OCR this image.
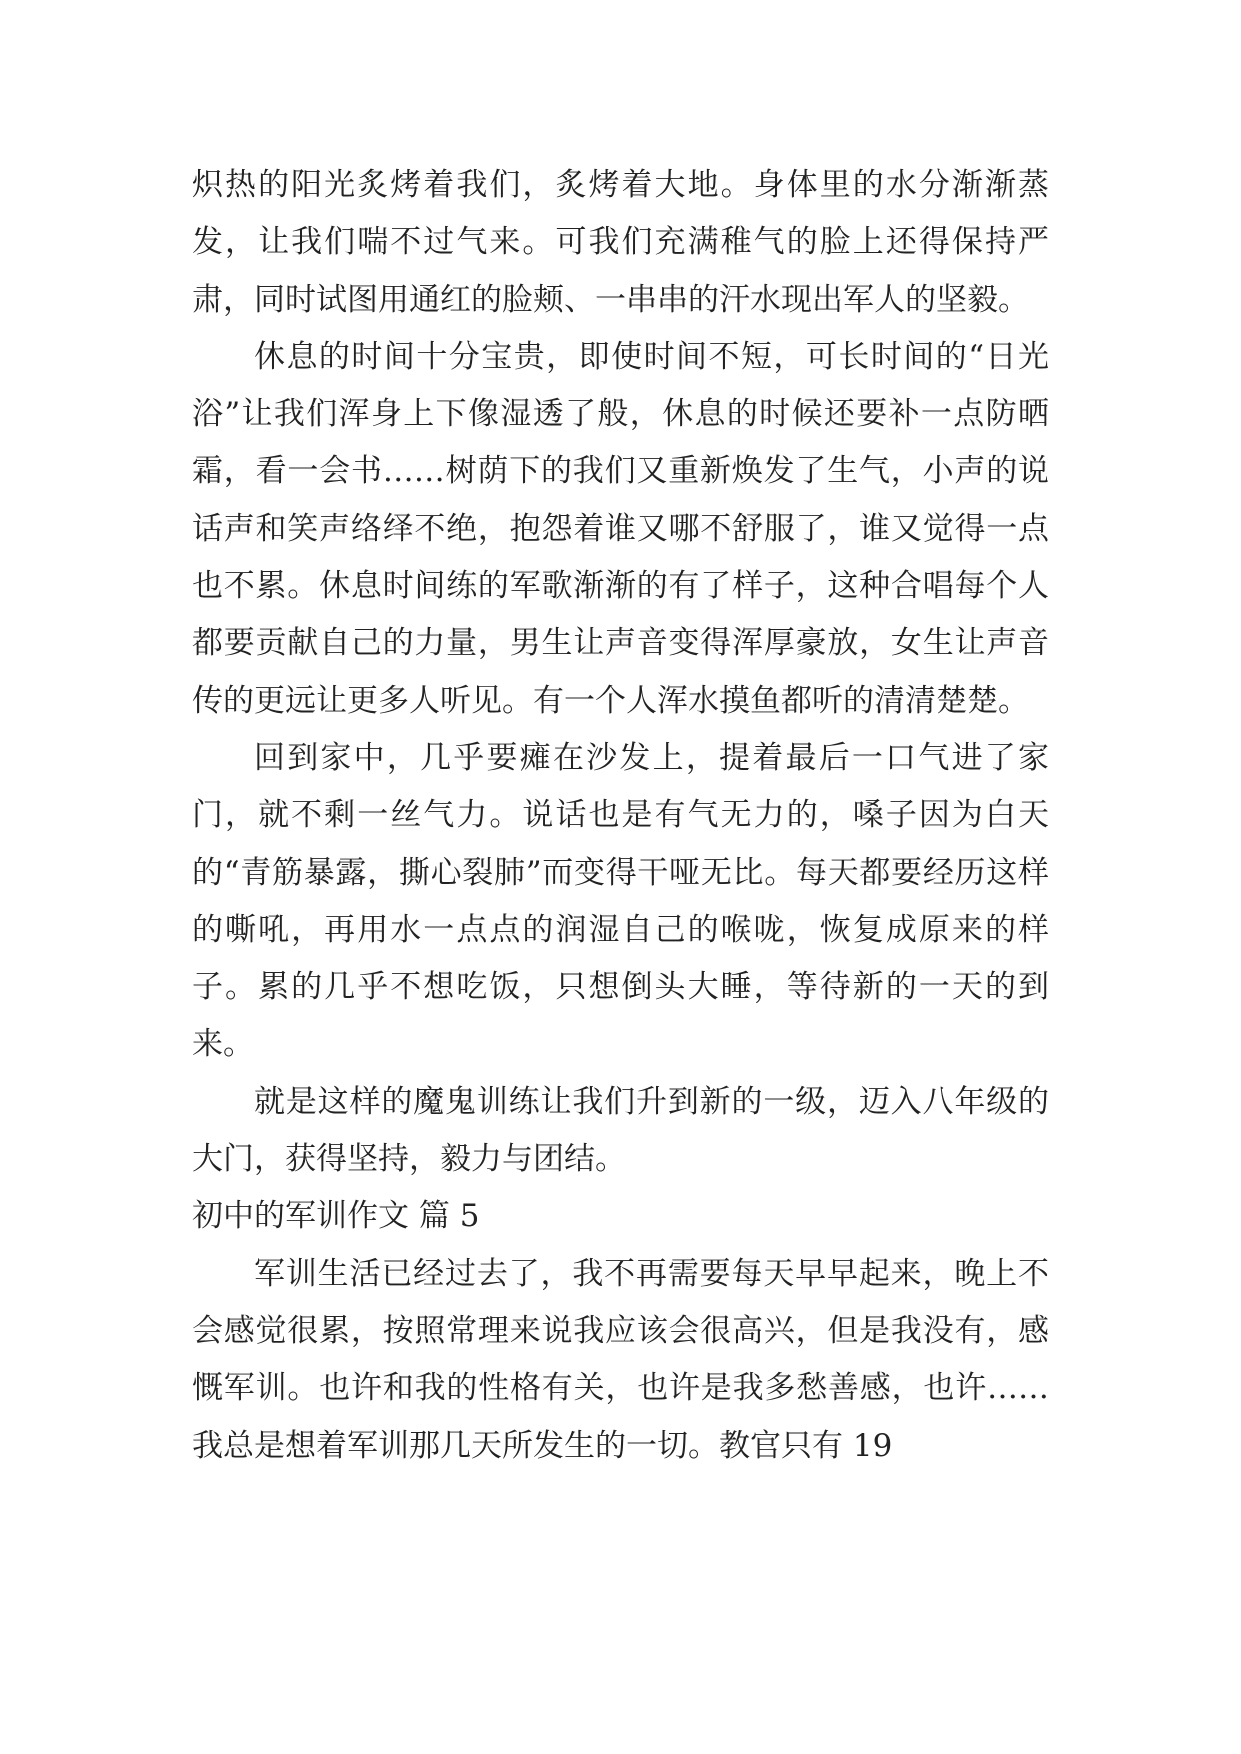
炽热的阳光炙烤着我们，炙烤着大地。身体里的水分渐渐蒸发，让我们喘不过气来。可我们充满稚气的脸上还得保持严肃，同时试图用通红的脸颊、一串串的汗水现出军人的坚毅。

休息的时间十分宝贵，即使时间不短，可长时间的“日光浴”让我们浑身上下像湿透了般，休息的时候还要补一点防晒霜，看一会书……树荫下的我们又重新焕发了生气，小声的说话声和笑声络绎不绝，抱怨着谁又哪不舒服了，谁又觉得一点也不累。休息时间练的军歌渐渐的有了样子，这种合唱每个人都要贡献自己的力量，男生让声音变得浑厚豪放，女生让声音传的更远让更多人听见。有一个人浑水摸鱼都听的清清楚楚。

回到家中，几乎要瘫在沙发上，提着最后一口气进了家门，就不剩一丝气力。说话也是有气无力的，嗓子因为白天的“青筋暴露，撕心裂肺”而变得干哑无比。每天都要经历这样的嘶吼，再用水一点点的润湿自己的喉咙，恢复成原来的样子。累的几乎不想吃饭，只想倒头大睡，等待新的一天的到来。

就是这样的魔鬼训练让我们升到新的一级，迈入八年级的大门，获得坚持，毅力与团结。

初中的军训作文 篇 5

军训生活已经过去了，我不再需要每天早早起来，晚上不会感觉很累，按照常理来说我应该会很高兴，但是我没有，感慨军训。也许和我的性格有关，也许是我多愁善感，也许……我总是想着军训那几天所发生的一切。教官只有 19
